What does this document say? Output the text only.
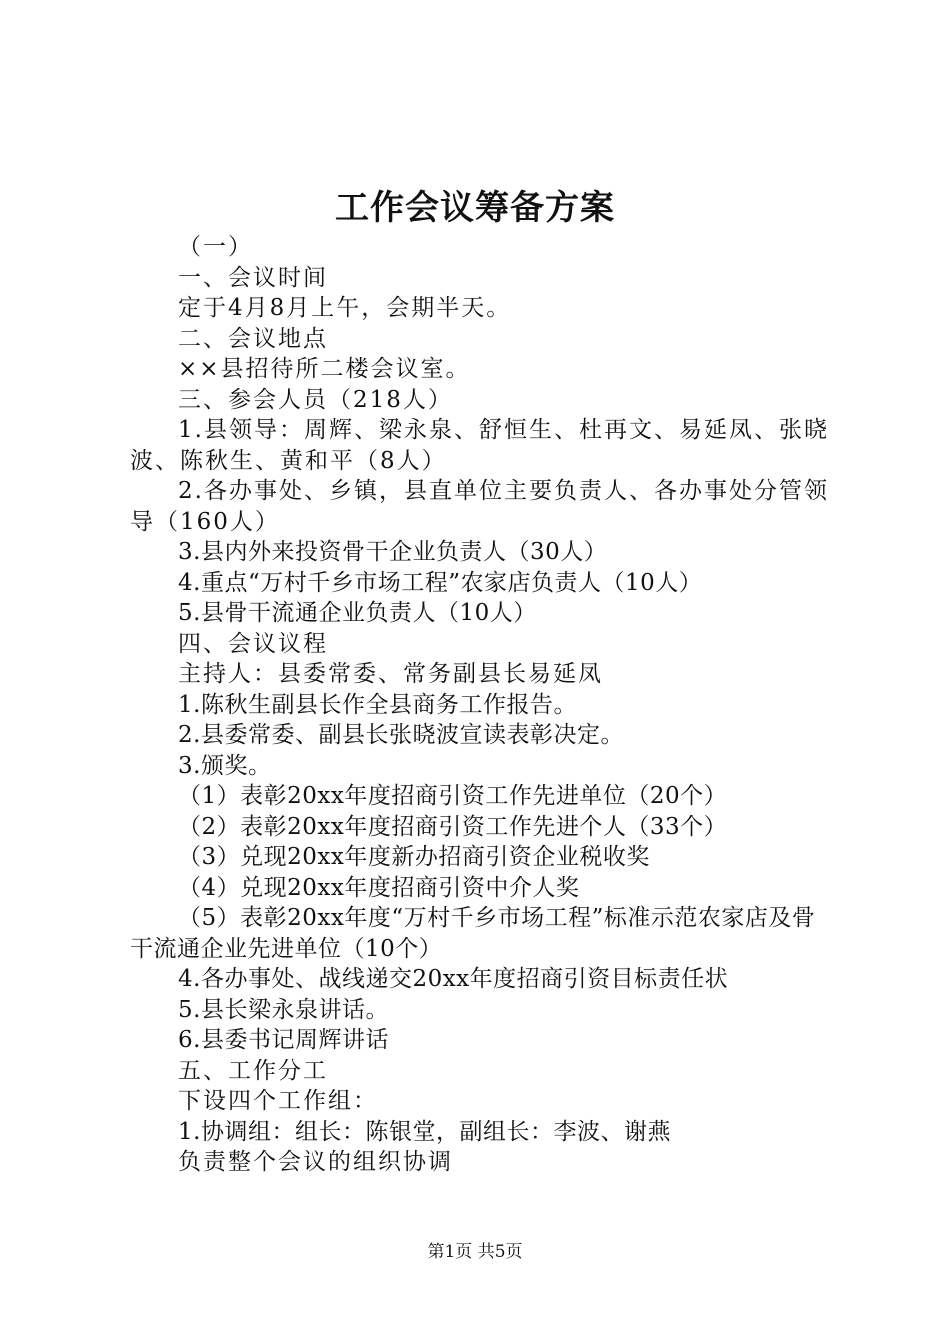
工作会议筹备方案

（一）

一、会议时间

定于4月8月上午，会期半天。

二、会议地点

××县招待所二楼会议室。

三、参会人员（218人）

1.县领导：周辉、梁永泉、舒恒生、杜再文、易延凤、张晓波、陈秋生、黄和平（8人）

2.各办事处、乡镇，县直单位主要负责人、各办事处分管领导（160人）

3.县内外来投资骨干企业负责人（30人）

4.重点“万村千乡市场工程”农家店负责人（10人）

5.县骨干流通企业负责人（10人）

四、会议议程

主持人：县委常委、常务副县长易延凤

1.陈秋生副县长作全县商务工作报告。

2.县委常委、副县长张晓波宣读表彰决定。

3.颁奖。

（1）表彰20xx年度招商引资工作先进单位（20个）

（2）表彰20xx年度招商引资工作先进个人（33个）

（3）兑现20xx年度新办招商引资企业税收奖

（4）兑现20xx年度招商引资中介人奖

（5）表彰20xx年度“万村千乡市场工程”标准示范农家店及骨干流通企业先进单位（10个）

4.各办事处、战线递交20xx年度招商引资目标责任状

5.县长梁永泉讲话。

6.县委书记周辉讲话

五、工作分工

下设四个工作组：

1.协调组：组长：陈银堂，副组长：李波、谢燕

负责整个会议的组织协调

第1页 共5页
